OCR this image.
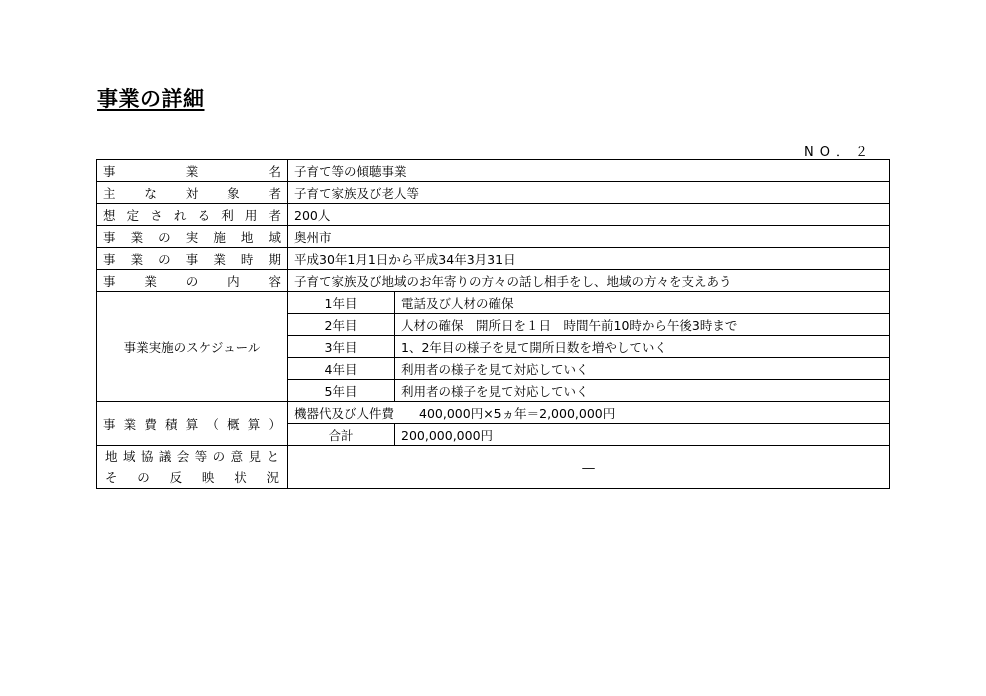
事業の詳細
NO．２
事業名	子育て等の傾聴事業	
主な対象者	子育て家族及び老人等	
想定される利用者	200人	
事業の実施地域	奥州市	
事業の事業時期	平成30年1月1日から平成34年3月31日	
事業の内容	子育て家族及び地域のお年寄りの方々の話し相手をし、地域の方々を支えあう	
事業実施のスケジュール	1年目	電話及び人材の確保
	2年目	人材の確保　開所日を１日　時間午前10時から午後3時まで
	3年目	1、2年目の様子を見て開所日数を増やしていく
	4年目	利用者の様子を見て対応していく
	5年目	利用者の様子を見て対応していく
事業費積算（概算）	機器代及び人件費　　400,000円×5ヵ年＝2,000,000円	
	合計	200,000,000円

地域協議会等の意見と
その反映状況	―	
